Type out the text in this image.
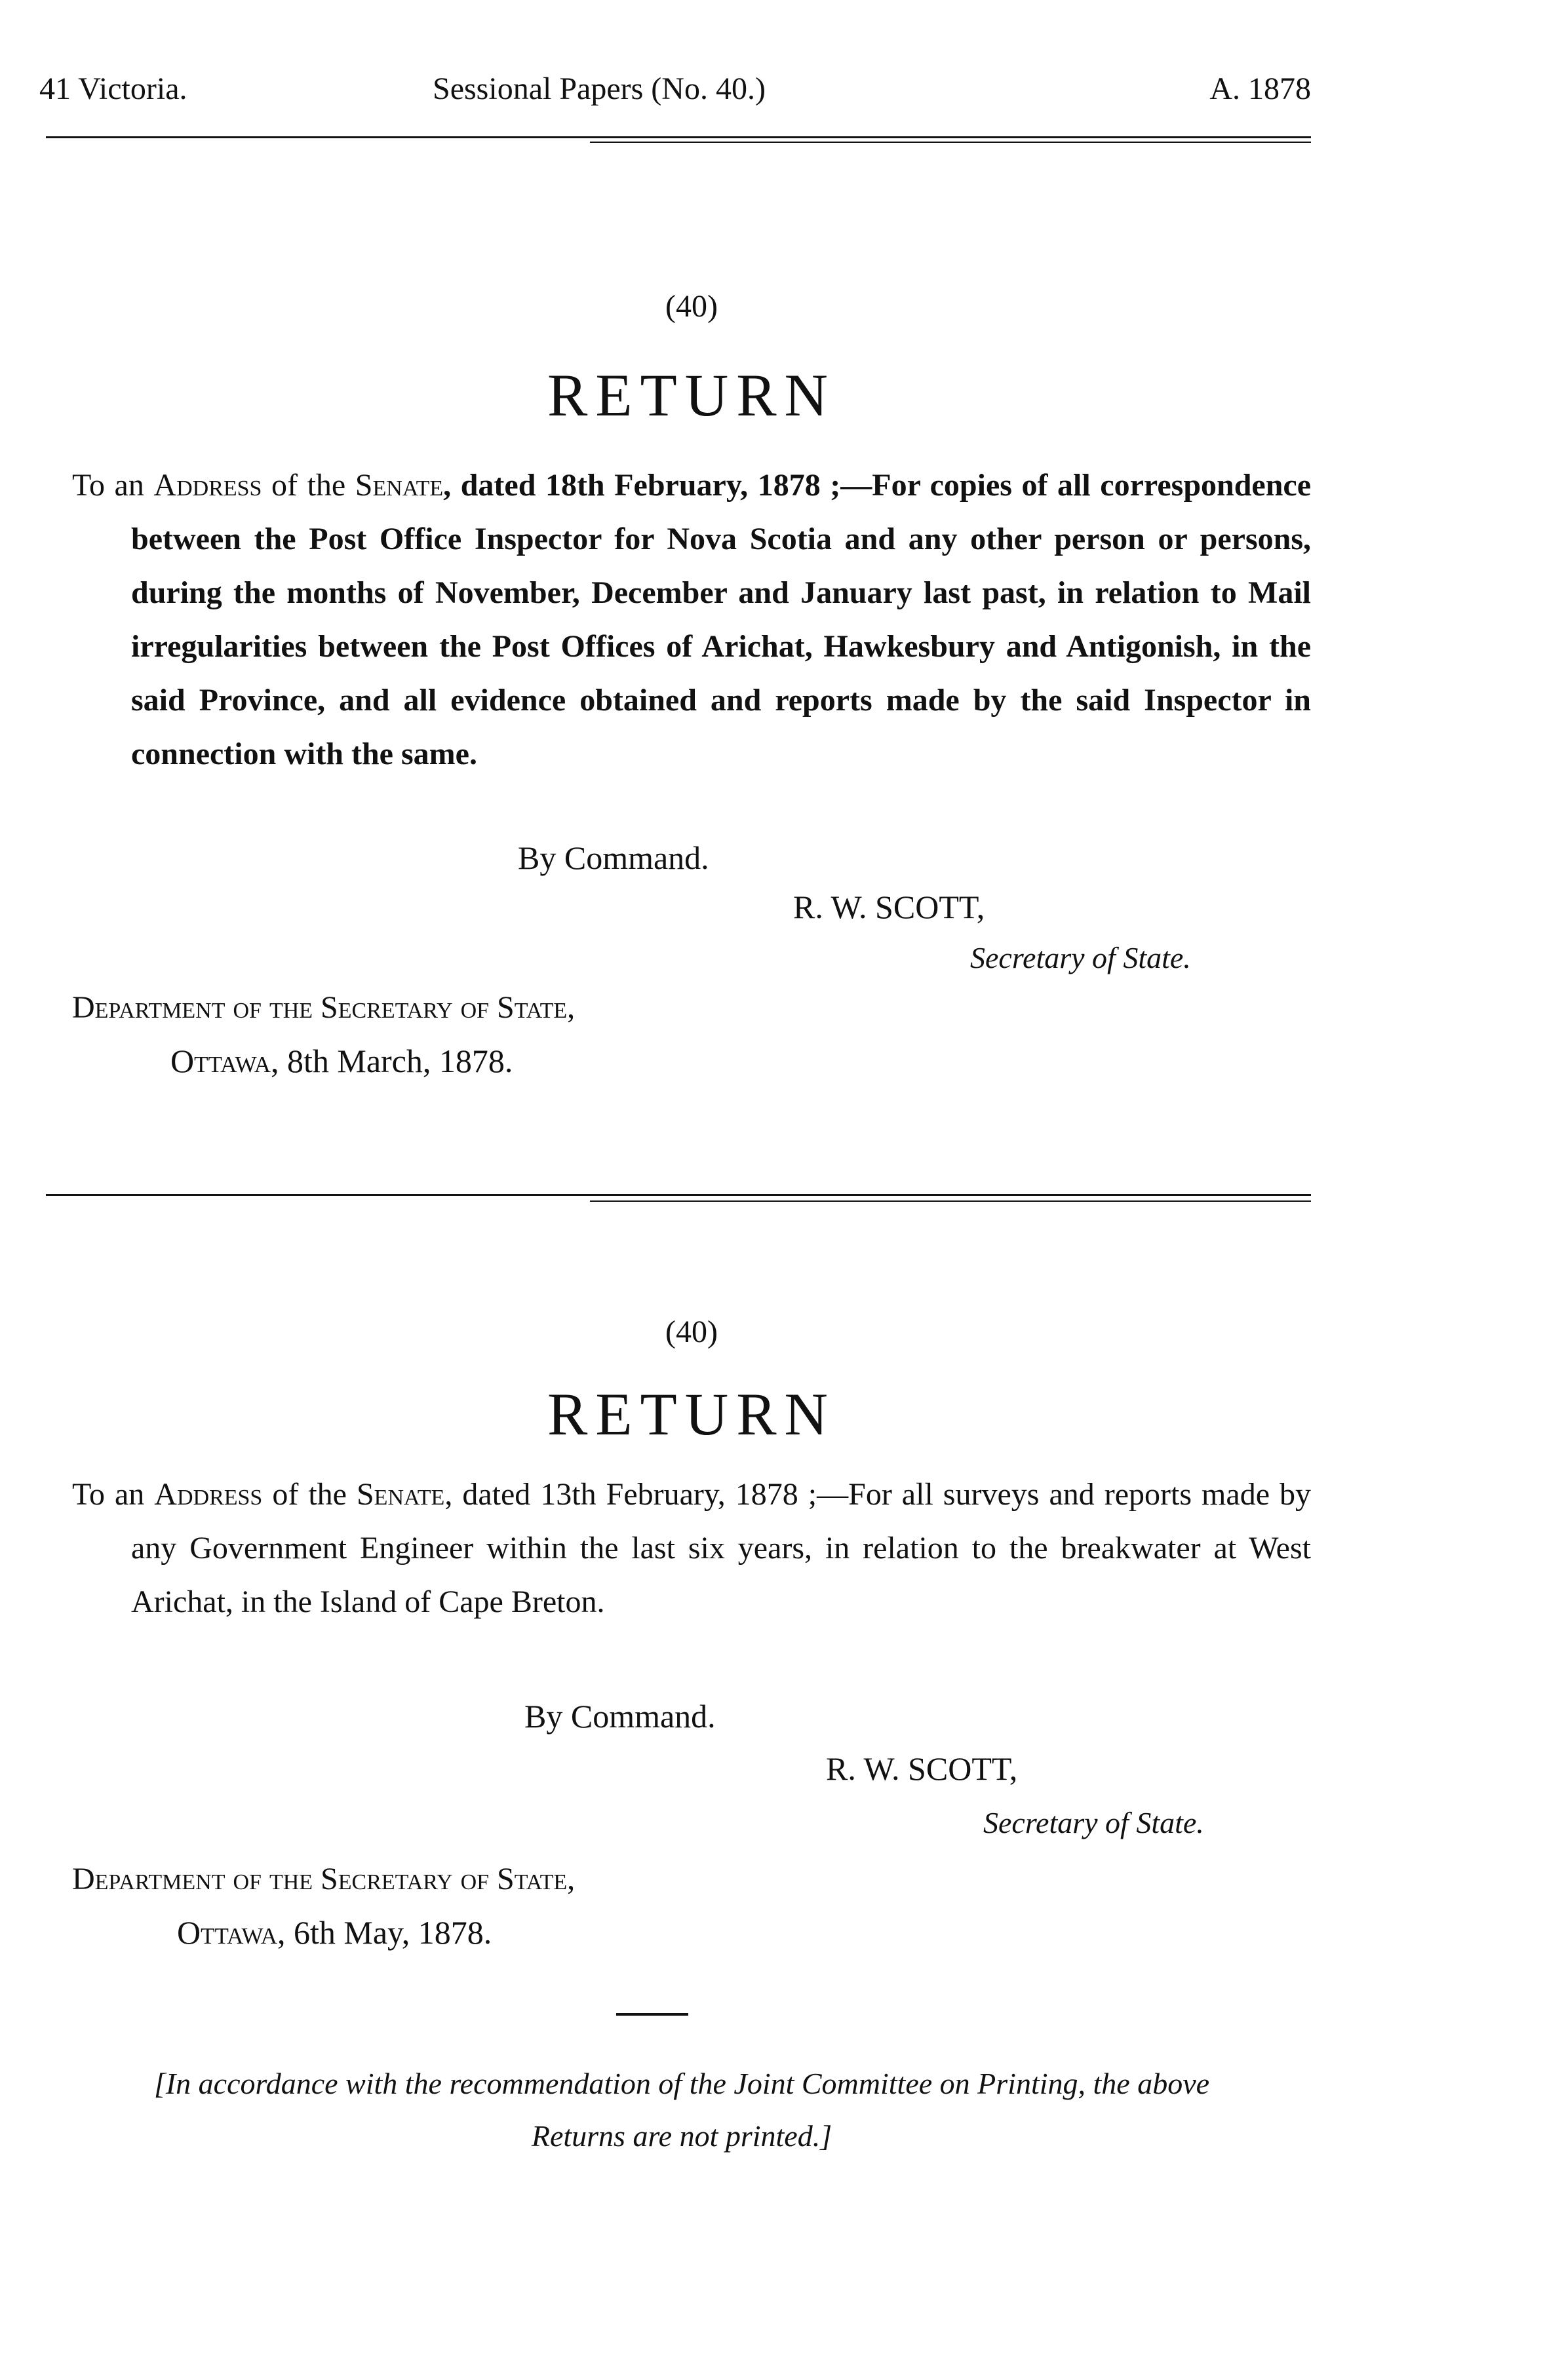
41 Victoria.	Sessional Papers (No. 40.)	A. 1878
(40)
RETURN
To an Address of the Senate, dated 18th February, 1878 ;—For copies of all correspondence between the Post Office Inspector for Nova Scotia and any other person or persons, during the months of November, December and January last past, in relation to Mail irregularities between the Post Offices of Arichat, Hawkesbury and Antigonish, in the said Province, and all evidence obtained and reports made by the said Inspector in connection with the same.
By Command.
R. W. SCOTT,
Secretary of State.
Department of the Secretary of State,
Ottawa, 8th March, 1878.
(40)
RETURN
To an Address of the Senate, dated 13th February, 1878 ;—For all surveys and reports made by any Government Engineer within the last six years, in relation to the breakwater at West Arichat, in the Island of Cape Breton.
By Command.
R. W. SCOTT,
Secretary of State.
Department of the Secretary of State,
Ottawa, 6th May, 1878.
[In accordance with the recommendation of the Joint Committee on Printing, the above
Returns are not printed.]
